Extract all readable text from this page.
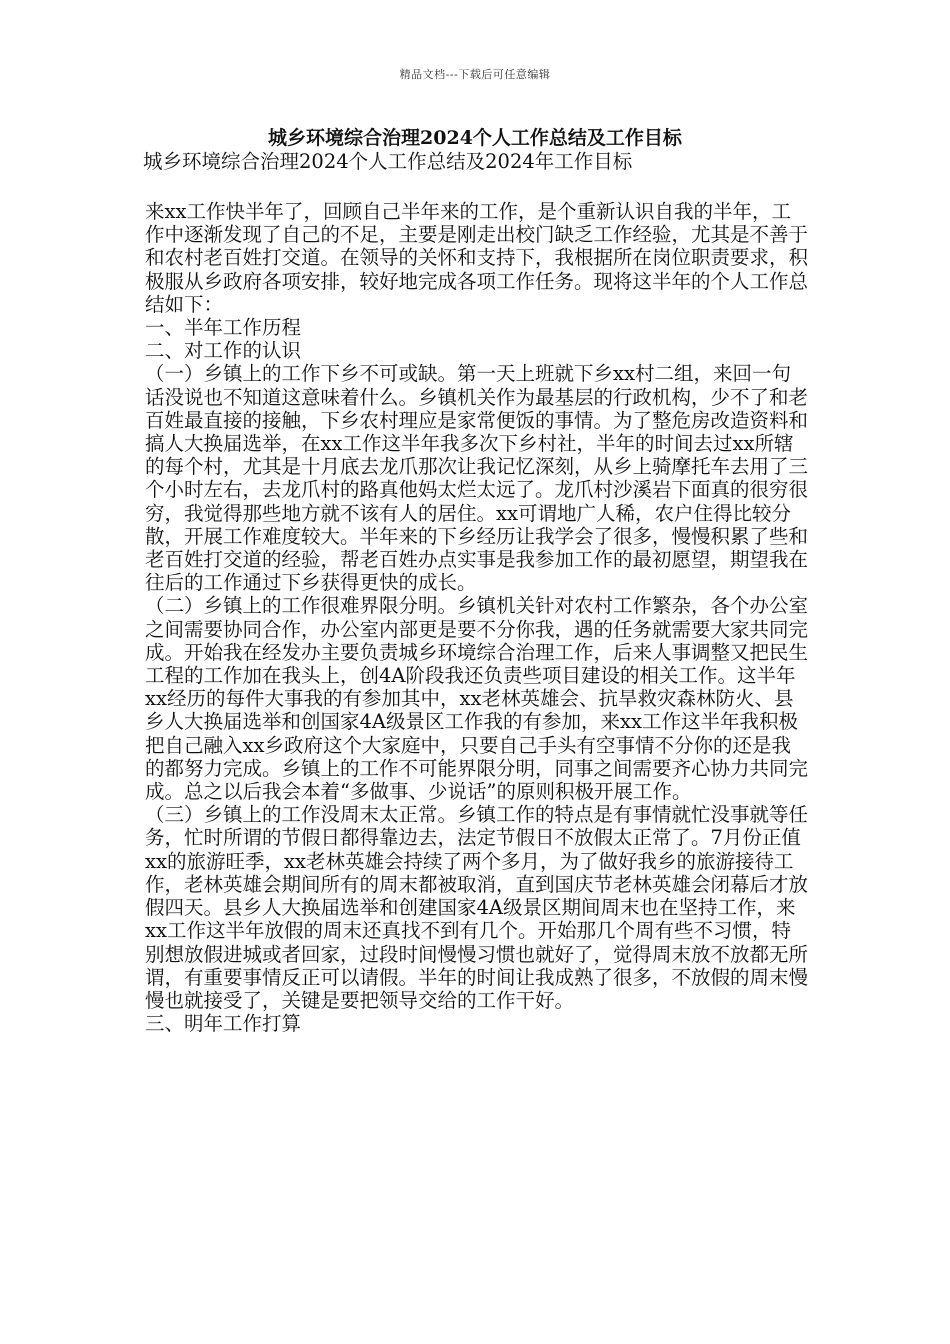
精品文档---下载后可任意编辑
城乡环境综合治理2024个人工作总结及工作目标

城乡环境综合治理2024个人工作总结及2024年工作目标

来xx工作快半年了，回顾自己半年来的工作，是个重新认识自我的半年，工作中逐渐发现了自己的不足，主要是刚走出校门缺乏工作经验，尤其是不善于和农村老百姓打交道。在领导的关怀和支持下，我根据所在岗位职责要求，积极服从乡政府各项安排，较好地完成各项工作任务。现将这半年的个人工作总结如下：

一、半年工作历程

二、对工作的认识

（一）乡镇上的工作下乡不可或缺。第一天上班就下乡xx村二组，来回一句话没说也不知道这意味着什么。乡镇机关作为最基层的行政机构，少不了和老百姓最直接的接触，下乡农村理应是家常便饭的事情。为了整危房改造资料和搞人大换届选举，在xx工作这半年我多次下乡村社，半年的时间去过xx所辖的每个村，尤其是十月底去龙爪那次让我记忆深刻，从乡上骑摩托车去用了三个小时左右，去龙爪村的路真他妈太烂太远了。龙爪村沙溪岩下面真的很穷很穷，我觉得那些地方就不该有人的居住。xx可谓地广人稀，农户住得比较分散，开展工作难度较大。半年来的下乡经历让我学会了很多，慢慢积累了些和老百姓打交道的经验，帮老百姓办点实事是我参加工作的最初愿望，期望我在往后的工作通过下乡获得更快的成长。

（二）乡镇上的工作很难界限分明。乡镇机关针对农村工作繁杂，各个办公室之间需要协同合作，办公室内部更是要不分你我，遇的任务就需要大家共同完成。开始我在经发办主要负责城乡环境综合治理工作，后来人事调整又把民生工程的工作加在我头上，创4A阶段我还负责些项目建设的相关工作。这半年xx经历的每件大事我的有参加其中，xx老林英雄会、抗旱救灾森林防火、县乡人大换届选举和创国家4A级景区工作我的有参加，来xx工作这半年我积极把自己融入xx乡政府这个大家庭中，只要自己手头有空事情不分你的还是我的都努力完成。乡镇上的工作不可能界限分明，同事之间需要齐心协力共同完成。总之以后我会本着“多做事、少说话”的原则积极开展工作。

（三）乡镇上的工作没周末太正常。乡镇工作的特点是有事情就忙没事就等任务，忙时所谓的节假日都得靠边去，法定节假日不放假太正常了。7月份正值xx的旅游旺季，xx老林英雄会持续了两个多月，为了做好我乡的旅游接待工作，老林英雄会期间所有的周末都被取消，直到国庆节老林英雄会闭幕后才放假四天。县乡人大换届选举和创建国家4A级景区期间周末也在坚持工作，来xx工作这半年放假的周末还真找不到有几个。开始那几个周有些不习惯，特别想放假进城或者回家，过段时间慢慢习惯也就好了，觉得周末放不放都无所谓，有重要事情反正可以请假。半年的时间让我成熟了很多，不放假的周末慢慢也就接受了，关键是要把领导交给的工作干好。

三、明年工作打算
